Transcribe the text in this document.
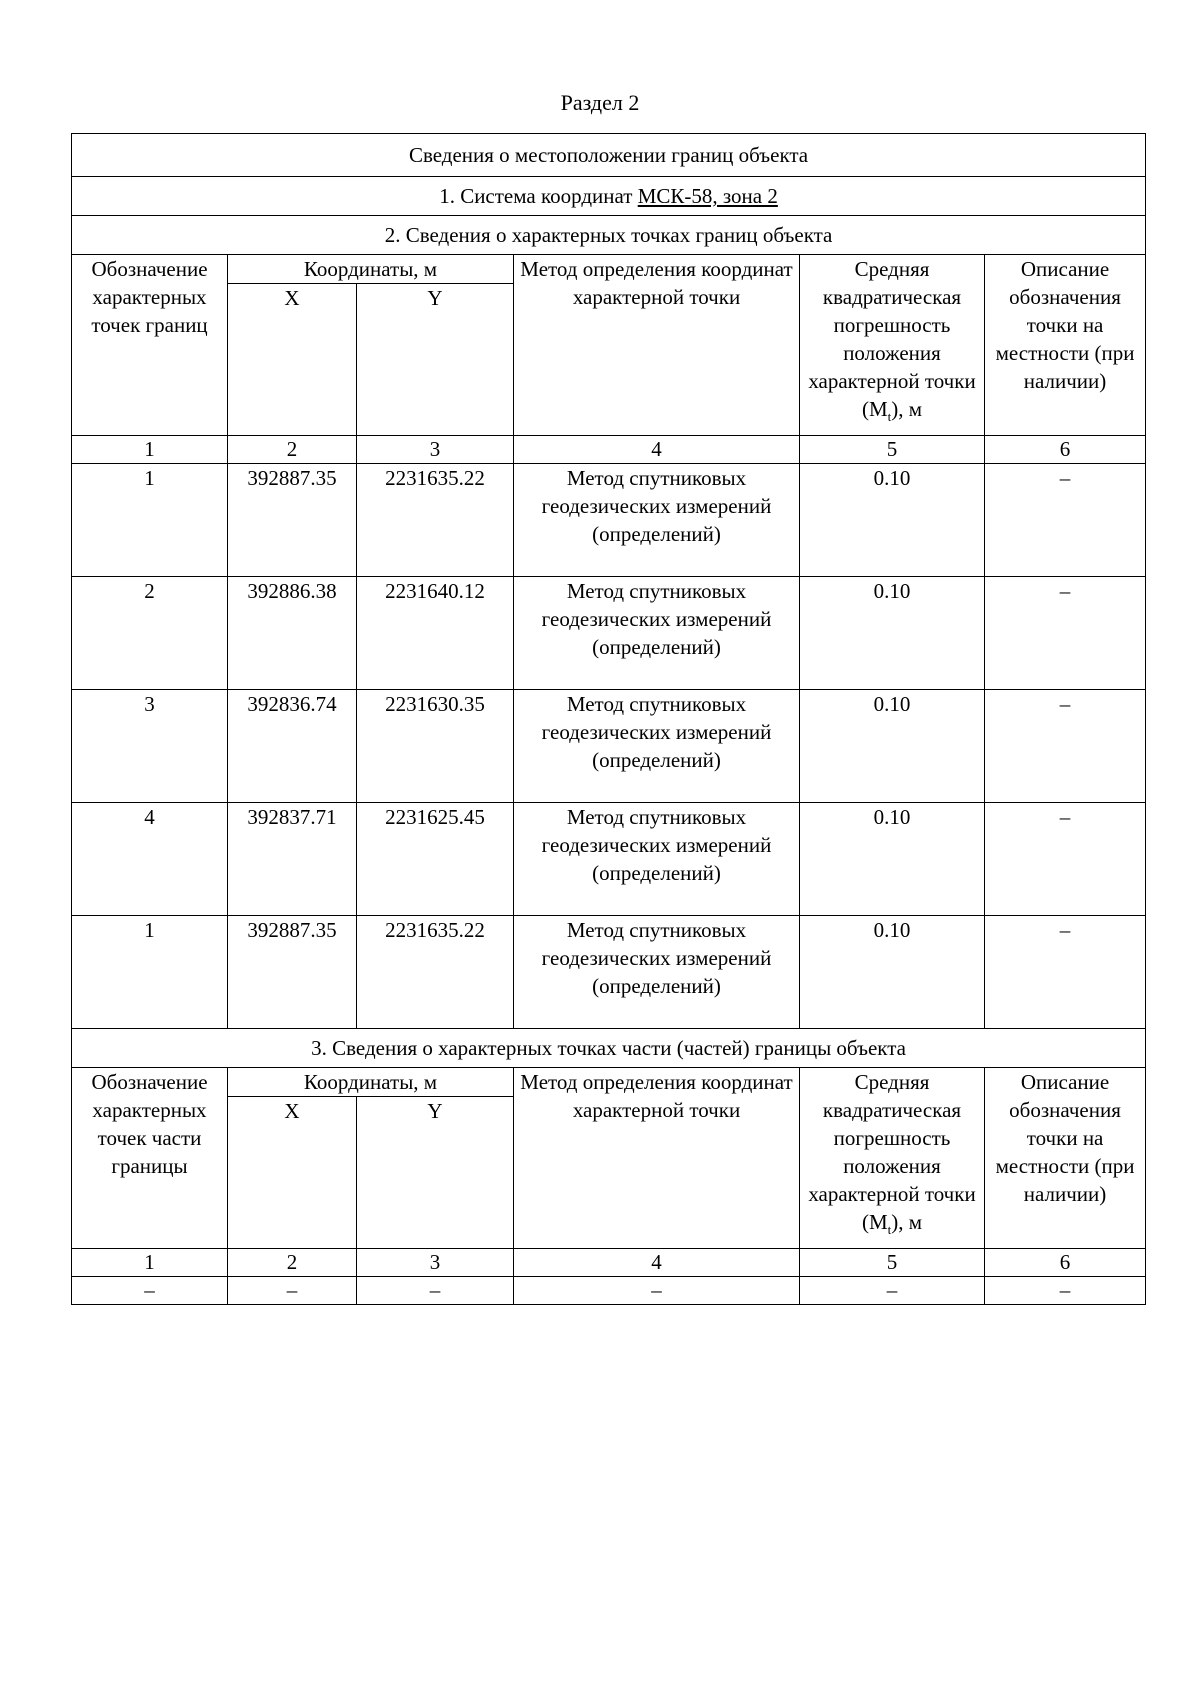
Раздел 2
Сведения о местоположении границ объекта					
1. Система координат МСК-58, зона 2					
2. Сведения о характерных точках границ объекта					
Обозначение характерных точек границ	Координаты, м		Метод определения координат характерной точки	Средняя квадратическая погрешность положения характерной точки $(M_t)$, м	Описание обозначения точки на местности (при наличии)
	X	Y			
1	2	3	4	5	6
1	392887.35	2231635.22	Метод спутниковых геодезических измерений (определений)	0.10	–
2	392886.38	2231640.12	Метод спутниковых геодезических измерений (определений)	0.10	–
3	392836.74	2231630.35	Метод спутниковых геодезических измерений (определений)	0.10	–
4	392837.71	2231625.45	Метод спутниковых геодезических измерений (определений)	0.10	–
1	392887.35	2231635.22	Метод спутниковых геодезических измерений (определений)	0.10	–
3. Сведения о характерных точках части (частей) границы объекта					
Обозначение характерных точек части границы	Координаты, м		Метод определения координат характерной точки	Средняя квадратическая погрешность положения характерной точки $(M_t)$, м	Описание обозначения точки на местности (при наличии)
	X	Y			
1	2	3	4	5	6
–	–	–	–	–	–
